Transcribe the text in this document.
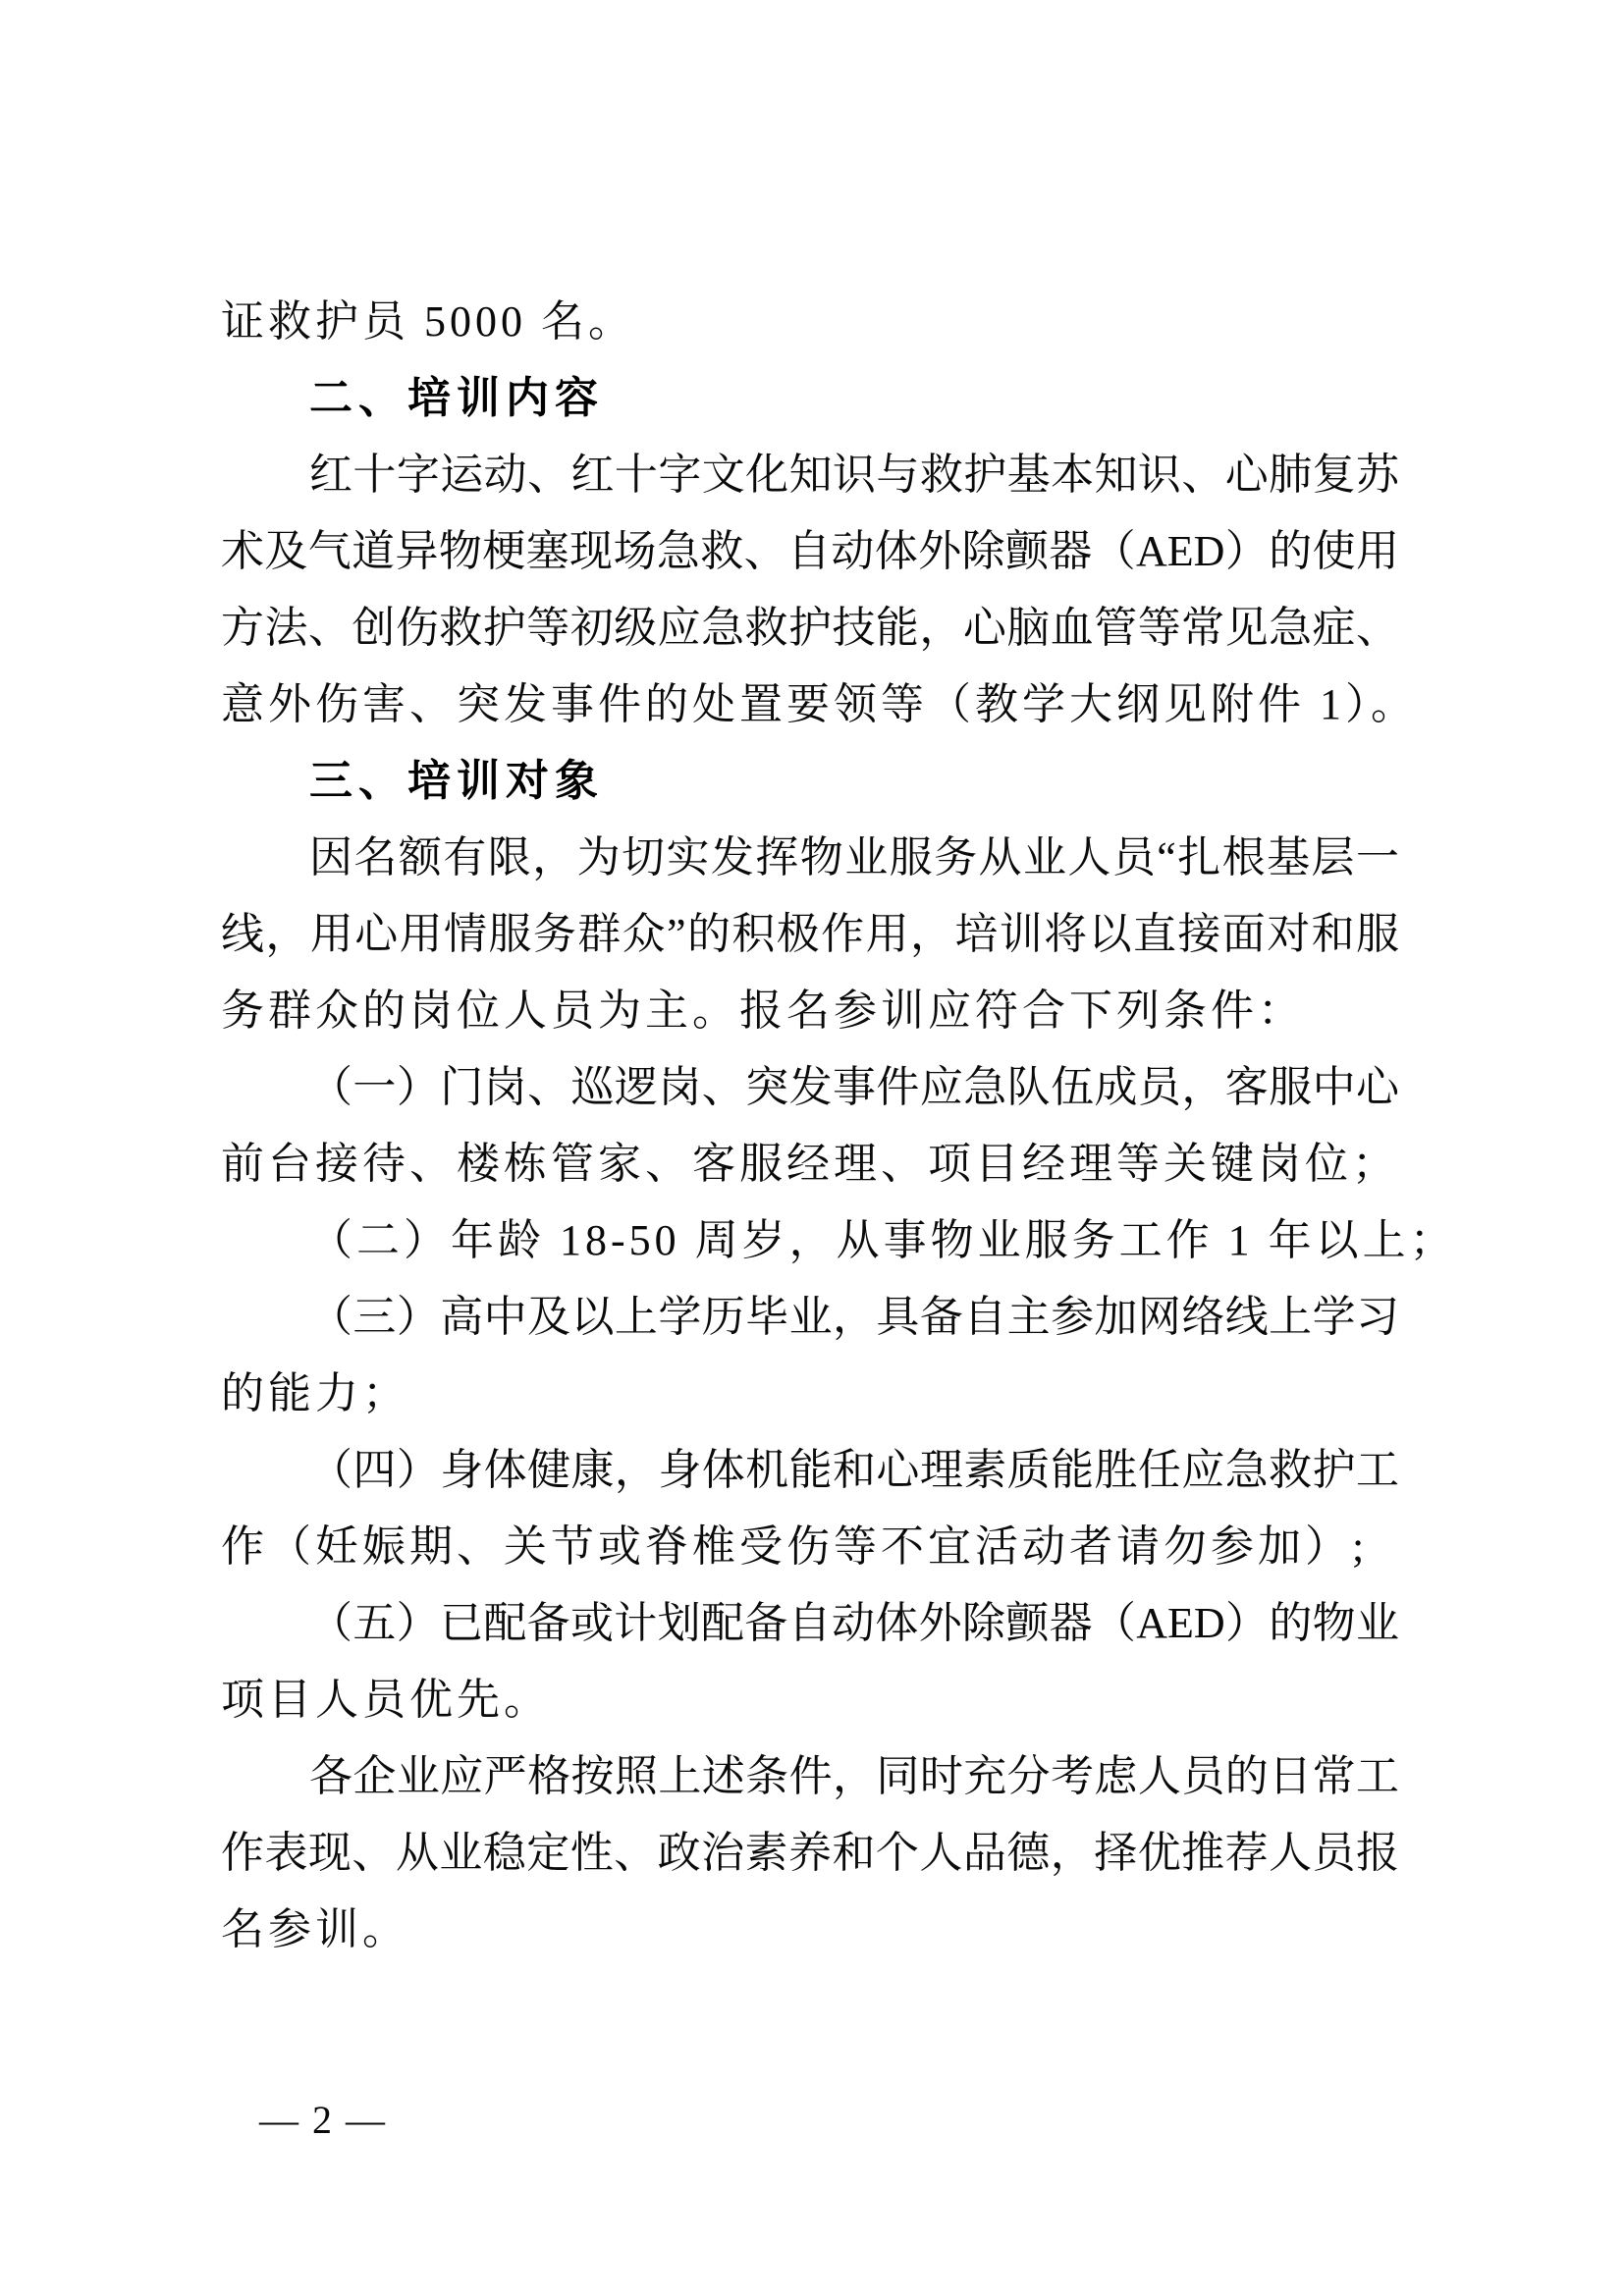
证救护员 5000 名。
二、培训内容
红十字运动、红十字文化知识与救护基本知识、心肺复苏
术及气道异物梗塞现场急救、自动体外除颤器（AED）的使用
方法、创伤救护等初级应急救护技能，心脑血管等常见急症、
意外伤害、突发事件的处置要领等（教学大纲见附件 1）。
三、培训对象
因名额有限，为切实发挥物业服务从业人员“扎根基层一
线，用心用情服务群众”的积极作用，培训将以直接面对和服
务群众的岗位人员为主。报名参训应符合下列条件：
（一）门岗、巡逻岗、突发事件应急队伍成员，客服中心
前台接待、楼栋管家、客服经理、项目经理等关键岗位；
（二）年龄 18-50 周岁，从事物业服务工作 1 年以上；
（三）高中及以上学历毕业，具备自主参加网络线上学习
的能力；
（四）身体健康，身体机能和心理素质能胜任应急救护工
作（妊娠期、关节或脊椎受伤等不宜活动者请勿参加）;
（五）已配备或计划配备自动体外除颤器（AED）的物业
项目人员优先。
各企业应严格按照上述条件，同时充分考虑人员的日常工
作表现、从业稳定性、政治素养和个人品德，择优推荐人员报
名参训。
— 2 —
